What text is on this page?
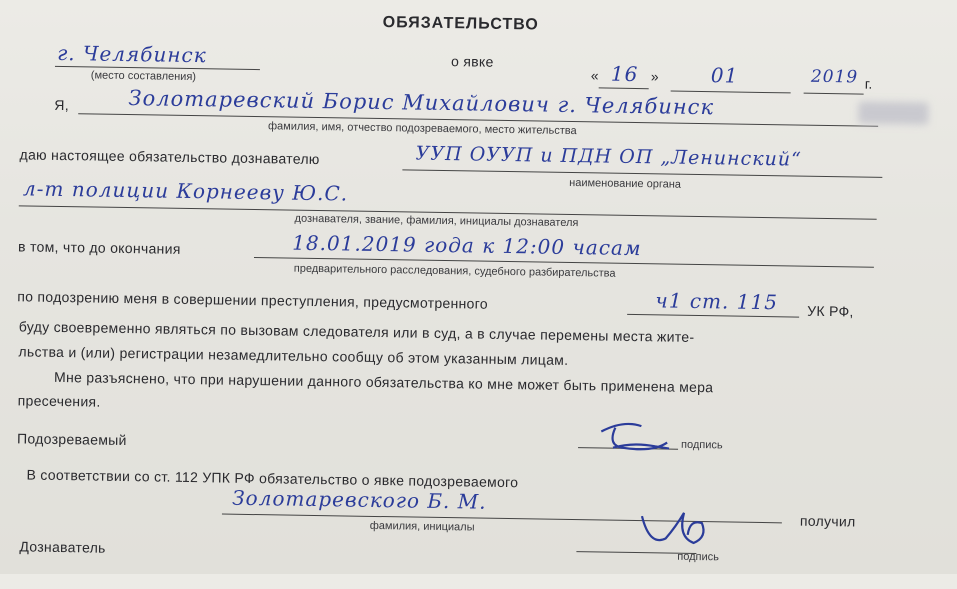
ОБЯЗАТЕЛЬСТВО
г. Челябинск
(место составления)
о явке
« 16 »	01	2019 г.
Я,	Золотаревский Борис Михайлович г. Челябинск
фамилия, имя, отчество подозреваемого, место жительства
даю настоящее обязательство дознавателю	УУП ОУУП и ПДН ОП „Ленинский“
наименование органа
л-т полиции Корнееву Ю.С.
дознавателя, звание, фамилия, инициалы дознавателя
в том, что до окончания	18.01.2019 года к 12:00 часам
предварительного расследования, судебного разбирательства
по подозрению меня в совершении преступления, предусмотренного	ч1 ст. 115 УК РФ,
буду своевременно являться по вызовам следователя или в суд, а в случае перемены места жите-
льства и (или) регистрации незамедлительно сообщу об этом указанным лицам.
Мне разъяснено, что при нарушении данного обязательства ко мне может быть применена мера
пресечения.
Подозреваемый	подпись
В соответствии со ст. 112 УПК РФ обязательство о явке подозреваемого
Золотаревского Б. М.
фамилия, инициалы	получил
Дознаватель
подпись
